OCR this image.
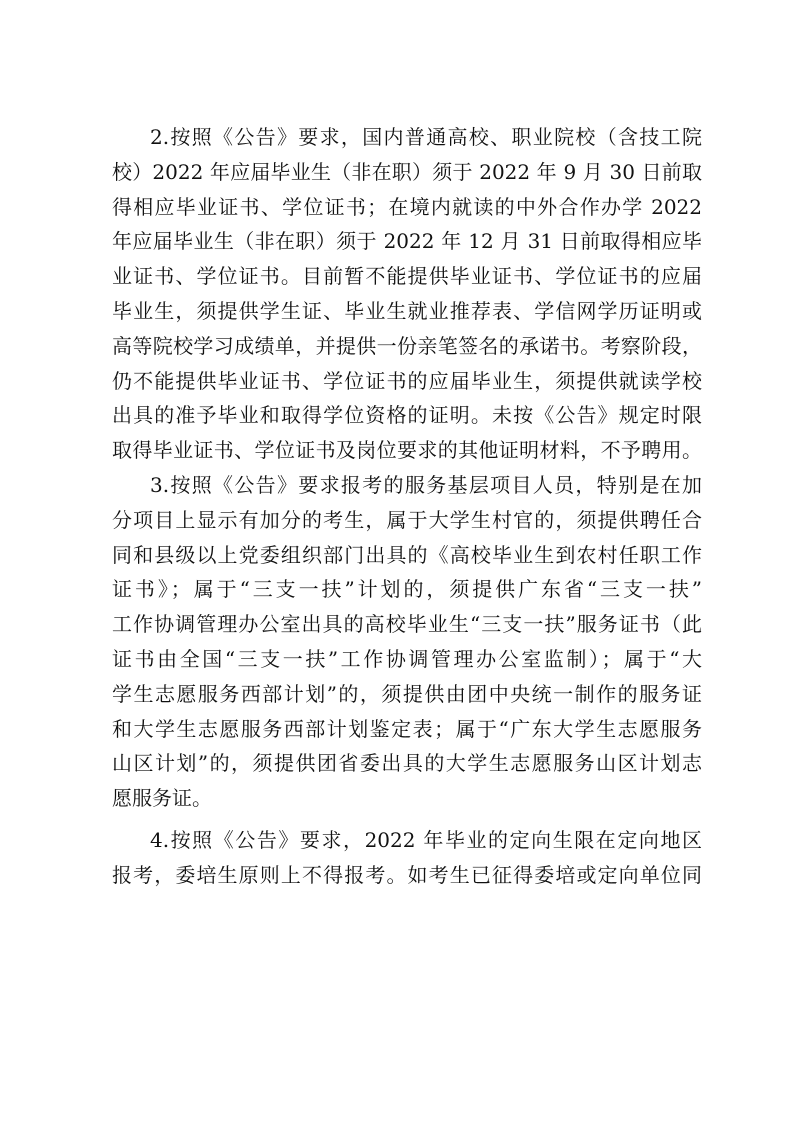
2.按照《公告》要求，国内普通高校、职业院校（含技工院
校）2022 年应届毕业生（非在职）须于 2022 年 9 月 30 日前取
得相应毕业证书、学位证书；在境内就读的中外合作办学 2022
年应届毕业生（非在职）须于 2022 年 12 月 31 日前取得相应毕
业证书、学位证书。目前暂不能提供毕业证书、学位证书的应届
毕业生，须提供学生证、毕业生就业推荐表、学信网学历证明或
高等院校学习成绩单，并提供一份亲笔签名的承诺书。考察阶段，
仍不能提供毕业证书、学位证书的应届毕业生，须提供就读学校
出具的准予毕业和取得学位资格的证明。未按《公告》规定时限
取得毕业证书、学位证书及岗位要求的其他证明材料，不予聘用。
3.按照《公告》要求报考的服务基层项目人员，特别是在加
分项目上显示有加分的考生，属于大学生村官的，须提供聘任合
同和县级以上党委组织部门出具的《高校毕业生到农村任职工作
证书》；属于“三支一扶”计划的，须提供广东省“三支一扶”
工作协调管理办公室出具的高校毕业生“三支一扶”服务证书（此
证书由全国“三支一扶”工作协调管理办公室监制）；属于“大
学生志愿服务西部计划”的，须提供由团中央统一制作的服务证
和大学生志愿服务西部计划鉴定表；属于“广东大学生志愿服务
山区计划”的，须提供团省委出具的大学生志愿服务山区计划志
愿服务证。
4.按照《公告》要求，2022 年毕业的定向生限在定向地区
报考，委培生原则上不得报考。如考生已征得委培或定向单位同
